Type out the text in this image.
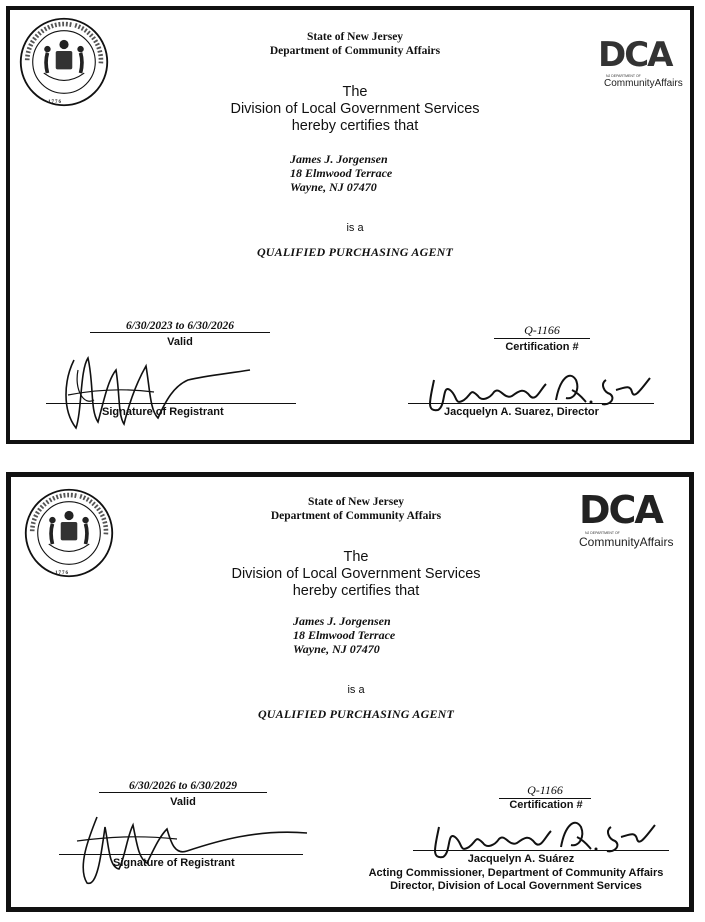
1776
State of New Jersey
Department of Community Affairs	DCA
NJ DEPARTMENT OF
CommunityAffairs
The
Division of Local Government Services
hereby certifies that
James J. Jorgensen
18 Elmwood Terrace
Wayne, NJ 07470
is a
QUALIFIED PURCHASING AGENT
6/30/2023 to 6/30/2026
Valid
Q-1166
Certification #
Signature of Registrant	Jacquelyn A. Suarez, Director
1776
State of New Jersey
Department of Community Affairs	DCA
NJ DEPARTMENT OF
CommunityAffairs
The
Division of Local Government Services
hereby certifies that
James J. Jorgensen
18 Elmwood Terrace
Wayne, NJ 07470
is a
QUALIFIED PURCHASING AGENT
6/30/2026 to 6/30/2029
Valid
Q-1166
Certification #
Signature of Registrant	Jacquelyn A. Suárez
Acting Commissioner, Department of Community Affairs
Director, Division of Local Government Services
